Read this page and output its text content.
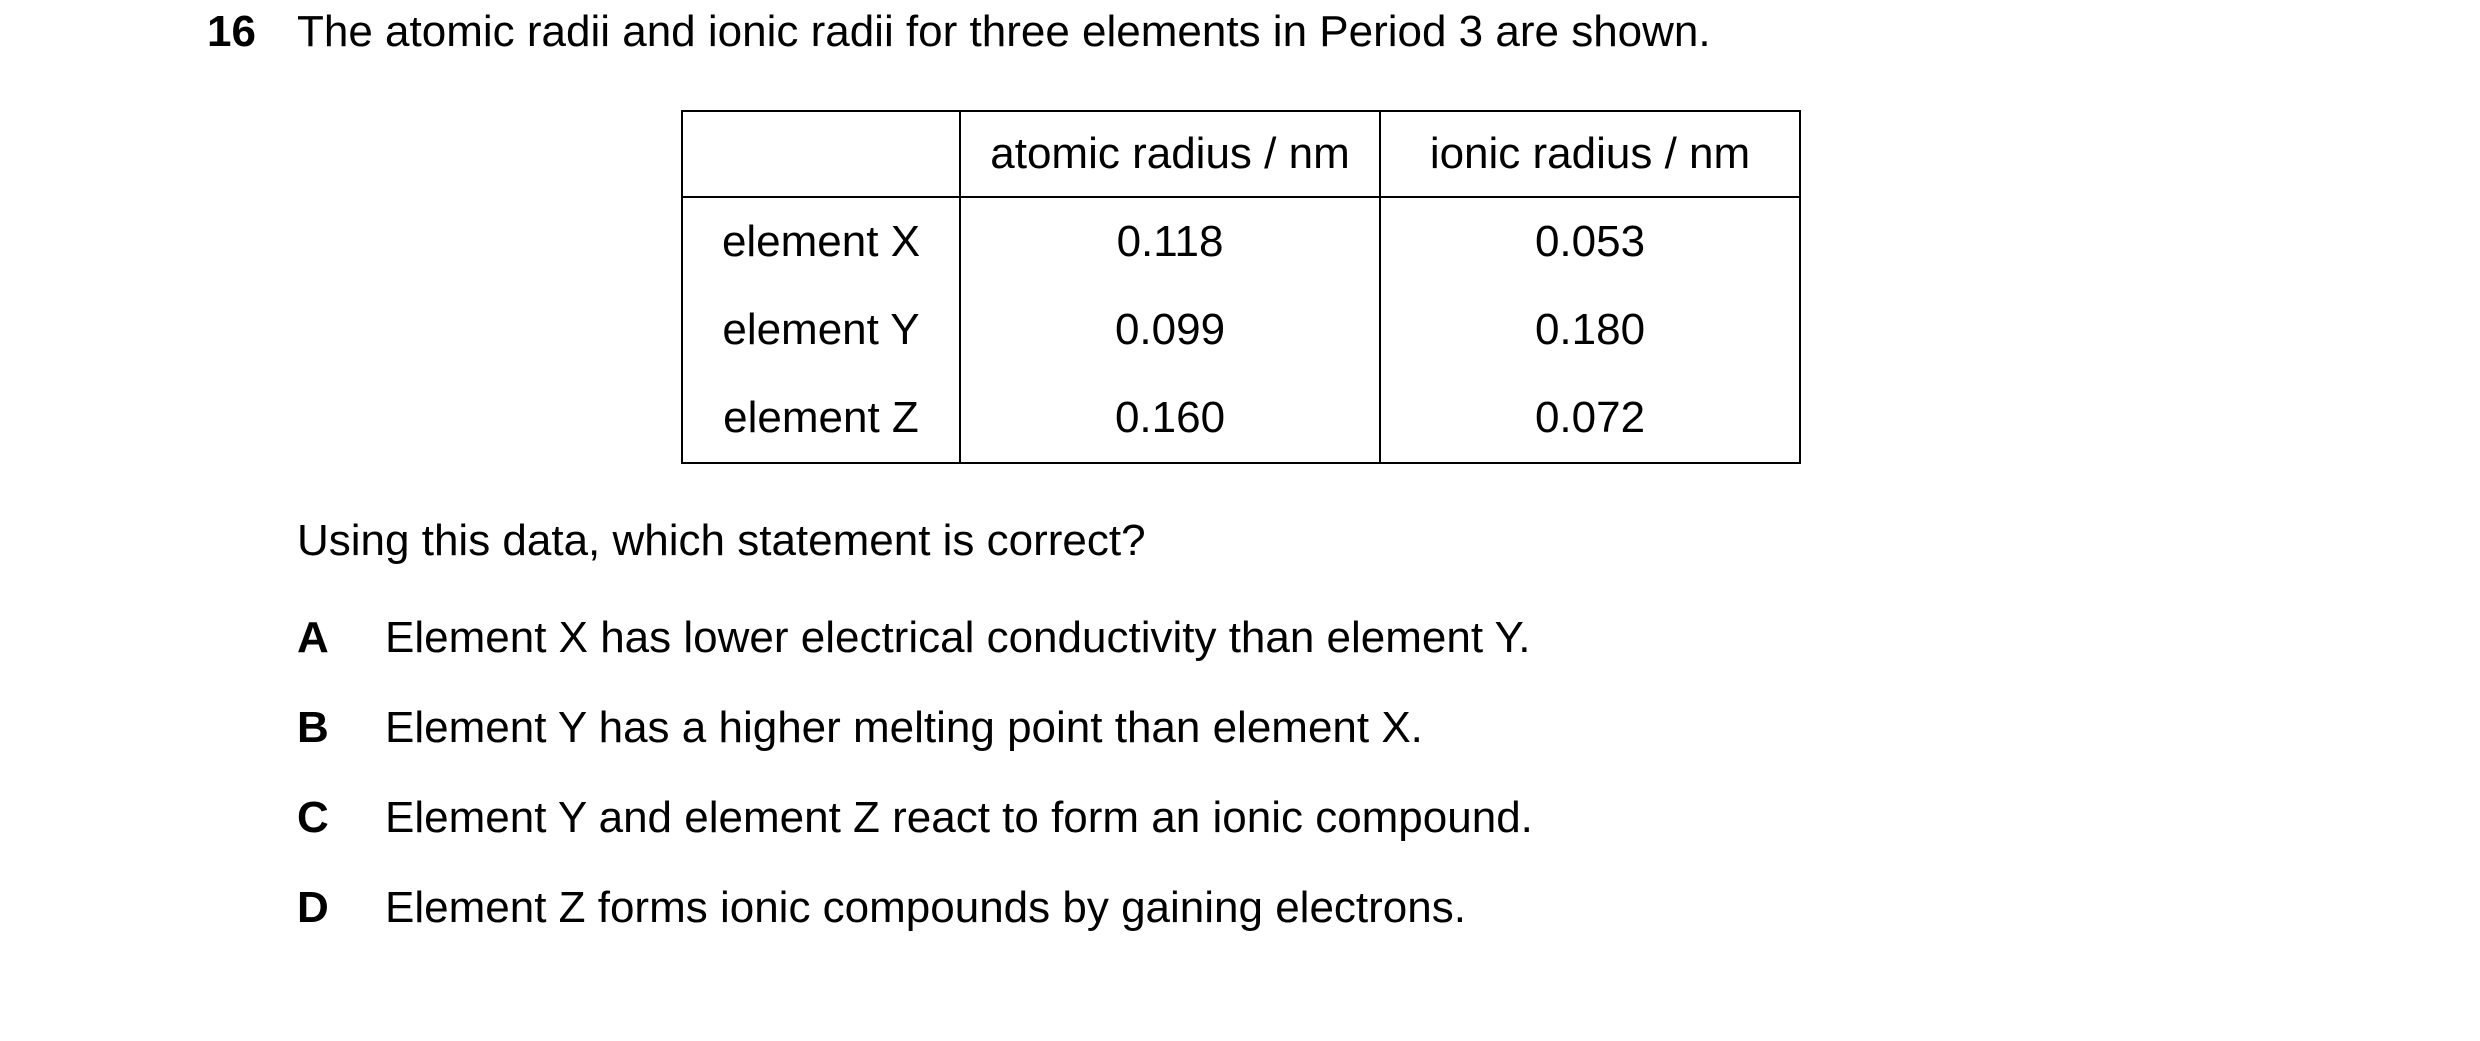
16 The atomic radii and ionic radii for three elements in Period 3 are shown.
	atomic radius / nm	ionic radius / nm
element X	0.118	0.053
element Y	0.099	0.180
element Z	0.160	0.072
Using this data, which statement is correct?
A Element X has lower electrical conductivity than element Y.
B Element Y has a higher melting point than element X.
C Element Y and element Z react to form an ionic compound.
D Element Z forms ionic compounds by gaining electrons.
